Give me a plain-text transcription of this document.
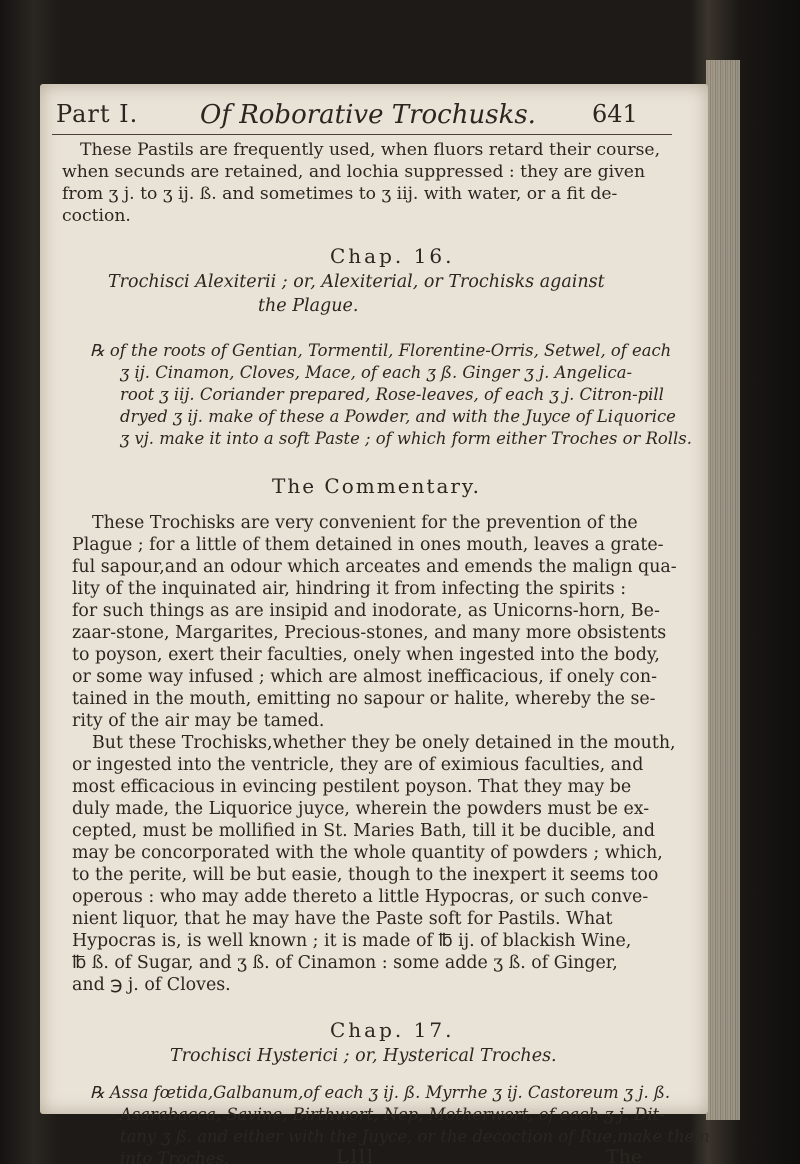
Part I. Of Roborative Trochusks. 641

These Pastils are frequently used, when fluors retard their course,

when secunds are retained, and lochia suppressed : they are given

from ʒ j. to ʒ ij. ß. and sometimes to ʒ iij. with water, or a fit de-

coction.

Chap. 16.

Trochisci Alexiterii ; or, Alexiterial, or Trochisks against

the Plague.

℞ of the roots of Gentian, Tormentil, Florentine-Orris, Setwel, of each

ʒ ij. Cinamon, Cloves, Mace, of each ʒ ß. Ginger ʒ j. Angelica-

root ʒ iij. Coriander prepared, Rose-leaves, of each ʒ j. Citron-pill

dryed ʒ ij. make of these a Powder, and with the Juyce of Liquorice

ʒ vj. make it into a soft Paste ; of which form either Troches or Rolls.

The Commentary.

These Trochisks are very convenient for the prevention of the

Plague ; for a little of them detained in ones mouth, leaves a grate-

ful sapour,and an odour which arceates and emends the malign qua-

lity of the inquinated air, hindring it from infecting the spirits :

for such things as are insipid and inodorate, as Unicorns-horn, Be-

zaar-stone, Margarites, Precious-stones, and many more obsistents

to poyson, exert their faculties, onely when ingested into the body,

or some way infused ; which are almost inefficacious, if onely con-

tained in the mouth, emitting no sapour or halite, whereby the se-

rity of the air may be tamed.

But these Trochisks,whether they be onely detained in the mouth,

or ingested into the ventricle, they are of eximious faculties, and

most efficacious in evincing pestilent poyson. That they may be

duly made, the Liquorice juyce, wherein the powders must be ex-

cepted, must be mollified in St. Maries Bath, till it be ducible, and

may be concorporated with the whole quantity of powders ; which,

to the perite, will be but easie, though to the inexpert it seems too

operous : who may adde thereto a little Hypocras, or such conve-

nient liquor, that he may have the Paste soft for Pastils. What

Hypocras is, is well known ; it is made of ℔ ij. of blackish Wine,

℔ ß. of Sugar, and ʒ ß. of Cinamon : some adde ʒ ß. of Ginger,

and ℈ j. of Cloves.

Chap. 17.

Trochisci Hysterici ; or, Hysterical Troches.

℞ Assa fœtida,Galbanum,of each ʒ ij. ß. Myrrhe ʒ ij. Castoreum ʒ j. ß.

Asarabacca, Savine, Birthwort, Nep, Motherwort, of each ʒ j. Dit-

tany ʒ ß. and either with the Juyce, or the decoction of Rue,make them

into Troches.	Llll	The
